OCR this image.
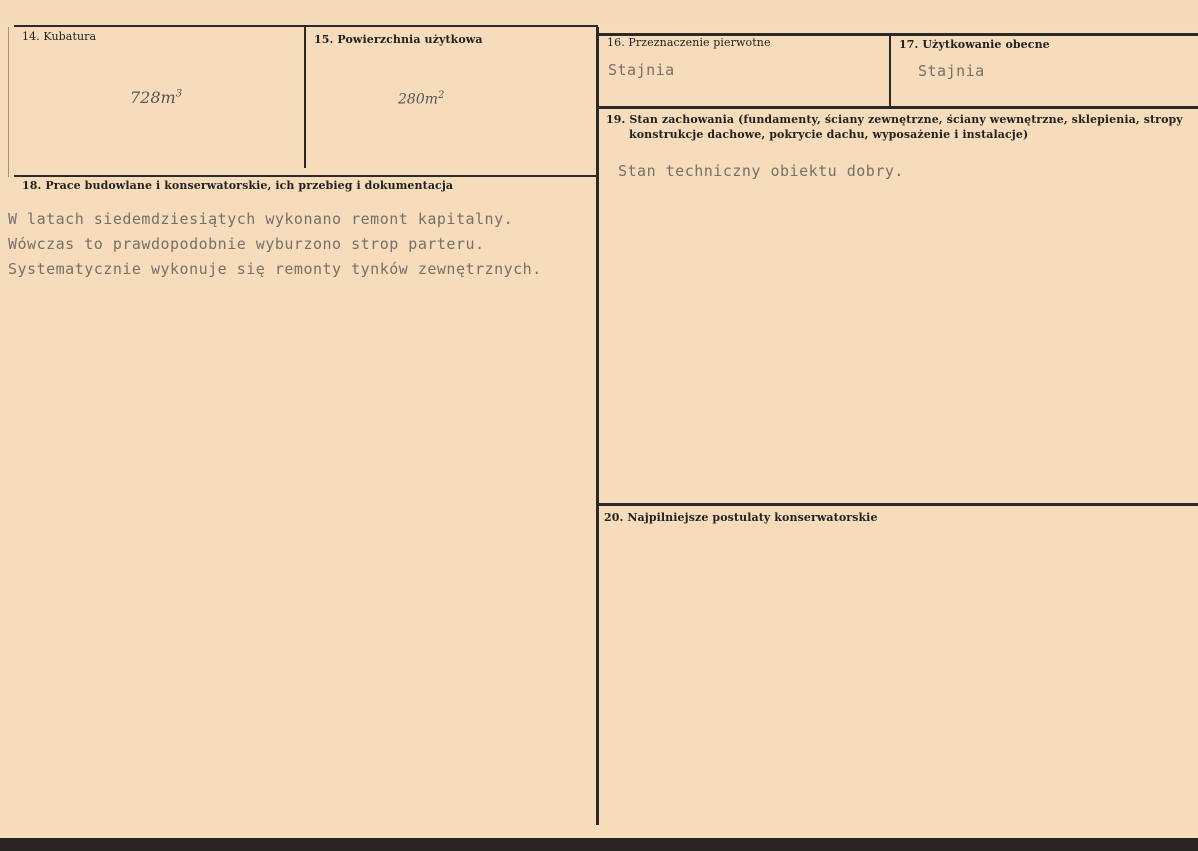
14. Kubatura
$728m^3$
15. Powierzchnia użytkowa
$280m^2$
16. Przeznaczenie pierwotne
Stajnia
17. Użytkowanie obecne
Stajnia
19. Stan zachowania (fundamenty, ściany zewnętrzne, ściany wewnętrzne, sklepienia, stropy
konstrukcje dachowe, pokrycie dachu, wyposażenie i instalacje)
Stan techniczny obiektu dobry.
18. Prace budowlane i konserwatorskie, ich przebieg i dokumentacja
W latach siedemdziesiątych wykonano remont kapitalny.
Wówczas to prawdopodobnie wyburzono strop parteru.
Systematycznie wykonuje się remonty tynków zewnętrznych.
20. Najpilniejsze postulaty konserwatorskie
